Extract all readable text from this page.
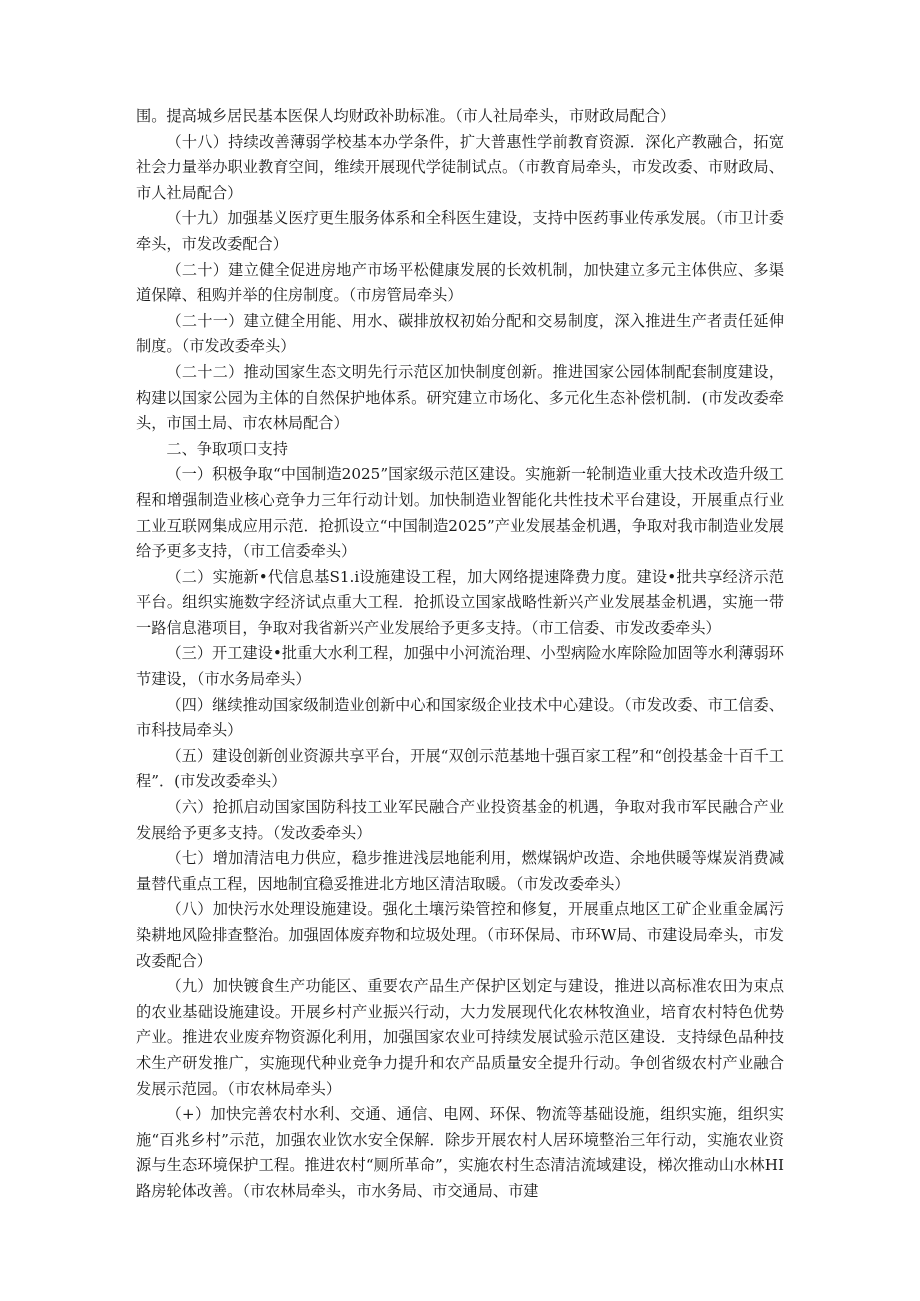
围。提高城乡居民基本医保人均财政补助标准。（市人社局牵头，市财政局配合）

（十八）持续改善薄弱学校基本办学条件，扩大普惠性学前教育资源．深化产教融合，拓宽社会力量举办职业教育空间，维续开展现代学徒制试点。（市教育局牵头，市发改委、市财政局、市人社局配合）

（十九）加强基义医疗更生服务体系和全科医生建设，支持中医药事业传承发展。（市卫计委牵头，市发改委配合）

（二十）建立健全促进房地产市场平松健康发展的长效机制，加快建立多元主体供应、多渠道保障、租购并举的住房制度。（市房管局牵头）

（二十一）建立健全用能、用水、碳排放权初始分配和交易制度，深入推进生产者责任延伸制度。（市发改委牵头）

（二十二）推动国家生态文明先行示范区加快制度创新。推进国家公园体制配套制度建设，构建以国家公园为主体的自然保护地体系。研究建立市场化、多元化生态补偿机制．(市发改委牵头，市国土局、市农林局配合）

二、争取项口支持

（一）积极争取“中国制造2025”国家级示范区建设。实施新一轮制造业重大技术改造升级工程和增强制造业核心竞争力三年行动计划。加快制造业智能化共性技术平台建设，开展重点行业工业互联网集成应用示范．抢抓设立“中国制造2025”产业发展基金机遇，争取对我市制造业发展给予更多支持，（市工信委牵头）

（二）实施新•代信息基S1.i设施建设工程，加大网络提速降费力度。建设•批共享经济示范平台。组织实施数字经济试点重大工程．抢抓设立国家战略性新兴产业发展基金机遇，实施一带一路信息港项目，争取对我省新兴产业发展给予更多支持。（市工信委、市发改委牵头）

（三）开工建设•批重大水利工程，加强中小河流治理、小型病险水库除险加固等水利薄弱环节建设，（市水务局牵头）

（四）继续推动国家级制造业创新中心和国家级企业技术中心建设。（市发改委、市工信委、市科技局牵头）

（五）建设创新创业资源共享平台，开展“双创示范基地十强百家工程”和“创投基金十百千工程”．(市发改委牵头）

（六）抢抓启动国家国防科技工业军民融合产业投资基金的机遇，争取对我市军民融合产业发展给予更多支持。（发改委牵头）

（七）增加清洁电力供应，稳步推进浅层地能利用，燃煤锅炉改造、余地供暖等煤炭消费减量替代重点工程，因地制宜稳妥推进北方地区清洁取暖。（市发改委牵头）

（八）加快污水处理设施建设。强化土壤污染管控和修复，开展重点地区工矿企业重金属污染耕地风险排查整治。加强固体废弃物和垃圾处理。（市环保局、市环W局、市建设局牵头，市发改委配合）

（九）加快镀食生产功能区、重要农产品生产保护区划定与建设，推进以高标准农田为束点的农业基础设施建设。开展乡村产业振兴行动，大力发展现代化农林牧渔业，培育农村特色优势产业。推进农业废弃物资源化利用，加强国家农业可持续发展试验示范区建设．支持绿色品种技术生产研发推广，实施现代种业竞争力提升和农产品质量安全提升行动。争创省级农村产业融合发展示范园。（市农林局牵头）

（+）加快完善农村水利、交通、通信、电网、环保、物流等基础设施，组织实施，组织实施“百兆乡村”示范，加强农业饮水安全保解．除步开展农村人居环境整治三年行动，实施农业资源与生态环境保护工程。推进农村“厕所革命”，实施农村生态清洁流域建设，梯次推动山水林HI路房轮体改善。（市农林局牵头，市水务局、市交通局、市建
